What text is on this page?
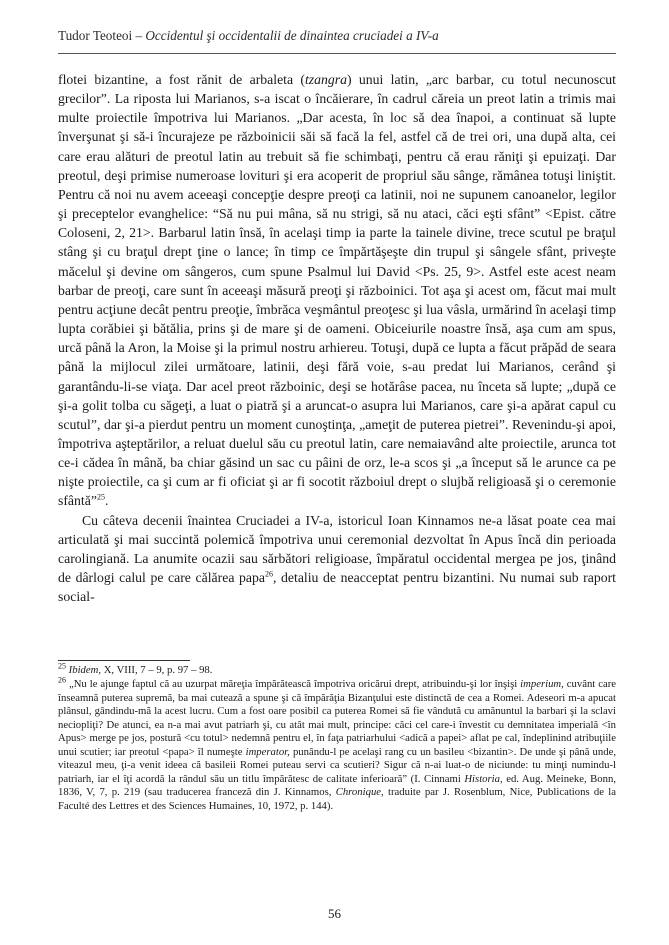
Tudor Teoteoi – Occidentul şi occidentalii de dinaintea cruciadei a IV-a

flotei bizantine, a fost rănit de arbaleta (tzangra) unui latin, „arc barbar, cu totul necunoscut grecilor”. La riposta lui Marianos, s-a iscat o încăierare, în cadrul căreia un preot latin a trimis mai multe proiectile împotriva lui Marianos. „Dar acesta, în loc să dea înapoi, a continuat să lupte înverşunat şi să-i încurajeze pe războinicii săi să facă la fel, astfel că de trei ori, una după alta, cei care erau alături de preotul latin au trebuit să fie schimbaţi, pentru că erau răniţi şi epuizaţi. Dar preotul, deşi primise numeroase lovituri şi era acoperit de propriul său sânge, rămânea totuşi liniştit. Pentru că noi nu avem aceeaşi concepţie despre preoţi ca latinii, noi ne supunem canoanelor, legilor şi preceptelor evanghelice: “Să nu pui mâna, să nu strigi, să nu ataci, căci eşti sfânt” <Epist. către Coloseni, 2, 21>. Barbarul latin însă, în acelaşi timp ia parte la tainele divine, trece scutul pe braţul stâng şi cu braţul drept ţine o lance; în timp ce împărtăşeşte din trupul şi sângele sfânt, priveşte măcelul şi devine om sângeros, cum spune Psalmul lui David <Ps. 25, 9>. Astfel este acest neam barbar de preoţi, care sunt în aceeaşi măsură preoţi şi războinici. Tot aşa şi acest om, făcut mai mult pentru acţiune decât pentru preoţie, îmbrăca veşmântul preoţesc şi lua vâsla, urmărind în acelaşi timp lupta corăbiei şi bătălia, prins şi de mare şi de oameni. Obiceiurile noastre însă, aşa cum am spus, urcă până la Aron, la Moise şi la primul nostru arhiereu. Totuşi, după ce lupta a făcut prăpăd de seara până la mijlocul zilei următoare, latinii, deşi fără voie, s-au predat lui Marianos, cerând şi garantându-li-se viaţa. Dar acel preot războinic, deşi se hotărâse pacea, nu înceta să lupte; „după ce şi-a golit tolba cu săgeţi, a luat o piatră şi a aruncat-o asupra lui Marianos, care şi-a apărat capul cu scutul”, dar şi-a pierdut pentru un moment cunoştinţa, „ameţit de puterea pietrei”. Revenindu-şi apoi, împotriva aşteptărilor, a reluat duelul său cu preotul latin, care nemaiavând alte proiectile, arunca tot ce-i cădea în mână, ba chiar găsind un sac cu pâini de orz, le-a scos şi „a început să le arunce ca pe nişte proiectile, ca şi cum ar fi oficiat şi ar fi socotit războiul drept o slujbă religioasă şi o ceremonie sfântă”$^{25}$.

Cu câteva decenii înaintea Cruciadei a IV-a, istoricul Ioan Kinnamos ne-a lăsat poate cea mai articulată şi mai succintă polemică împotriva unui ceremonial dezvoltat în Apus încă din perioada carolingiană. La anumite ocazii sau sărbători religioase, împăratul occidental mergea pe jos, ţinând de dârlogi calul pe care călărea papa$^{26}$, detaliu de neacceptat pentru bizantini. Nu numai sub raport social-

$^{25}$ Ibidem, X, VIII, 7 – 9, p. 97 – 98.

$^{26}$ „Nu le ajunge faptul că au uzurpat măreţia împărătească împotriva oricărui drept, atribuindu-şi lor înşişi imperium, cuvânt care înseamnă puterea supremă, ba mai cutează a spune şi că împărăţia Bizanţului este distinctă de cea a Romei. Adeseori m-a apucat plânsul, gândindu-mă la acest lucru. Cum a fost oare posibil ca puterea Romei să fie vândută cu amănuntul la barbari şi la sclavi neciopliţi? De atunci, ea n-a mai avut patriarh şi, cu atât mai mult, principe: căci cel care-i învestit cu demnitatea imperială <în Apus> merge pe jos, postură <cu totul> nedemnă pentru el, în faţa patriarhului <adică a papei> aflat pe cal, îndeplinind atribuţiile unui scutier; iar preotul <papa> îl numeşte imperator, punându-l pe acelaşi rang cu un basileu <bizantin>. De unde şi până unde, viteazul meu, ţi-a venit ideea că basileii Romei puteau servi ca scutieri? Sigur că n-ai luat-o de niciunde: tu minţi numindu-l patriarh, iar el îţi acordă la rândul său un titlu împărătesc de calitate inferioară” (I. Cinnami Historia, ed. Aug. Meineke, Bonn, 1836, V, 7, p. 219 (sau traducerea franceză din J. Kinnamos, Chronique, traduite par J. Rosenblum, Nice, Publications de la Faculté des Lettres et des Sciences Humaines, 10, 1972, p. 144).

56
